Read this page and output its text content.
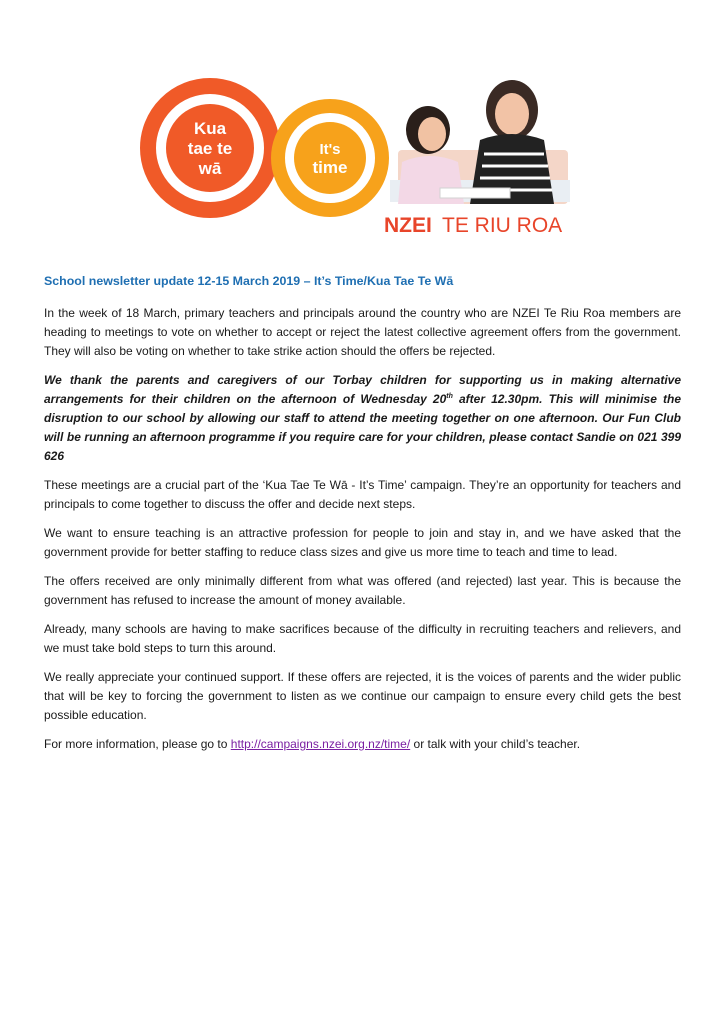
Kua
tae te
wā
It's
time
NZEI TE RIU ROA

School newsletter update 12-15 March 2019 – It’s Time/Kua Tae Te Wā

In the week of 18 March, primary teachers and principals around the country who are NZEI Te Riu Roa members are heading to meetings to vote on whether to accept or reject the latest collective agreement offers from the government. They will also be voting on whether to take strike action should the offers be rejected.

We thank the parents and caregivers of our Torbay children for supporting us in making alternative arrangements for their children on the afternoon of Wednesday 20th after 12.30pm. This will minimise the disruption to our school by allowing our staff to attend the meeting together on one afternoon. Our Fun Club will be running an afternoon programme if you require care for your children, please contact Sandie on 021 399 626

These meetings are a crucial part of the ‘Kua Tae Te Wā - It’s Time’ campaign. They’re an opportunity for teachers and principals to come together to discuss the offer and decide next steps.

We want to ensure teaching is an attractive profession for people to join and stay in, and we have asked that the government provide for better staffing to reduce class sizes and give us more time to teach and time to lead.

The offers received are only minimally different from what was offered (and rejected) last year. This is because the government has refused to increase the amount of money available.

Already, many schools are having to make sacrifices because of the difficulty in recruiting teachers and relievers, and we must take bold steps to turn this around.

We really appreciate your continued support. If these offers are rejected, it is the voices of parents and the wider public that will be key to forcing the government to listen as we continue our campaign to ensure every child gets the best possible education.

For more information, please go to http://campaigns.nzei.org.nz/time/ or talk with your child’s teacher.
